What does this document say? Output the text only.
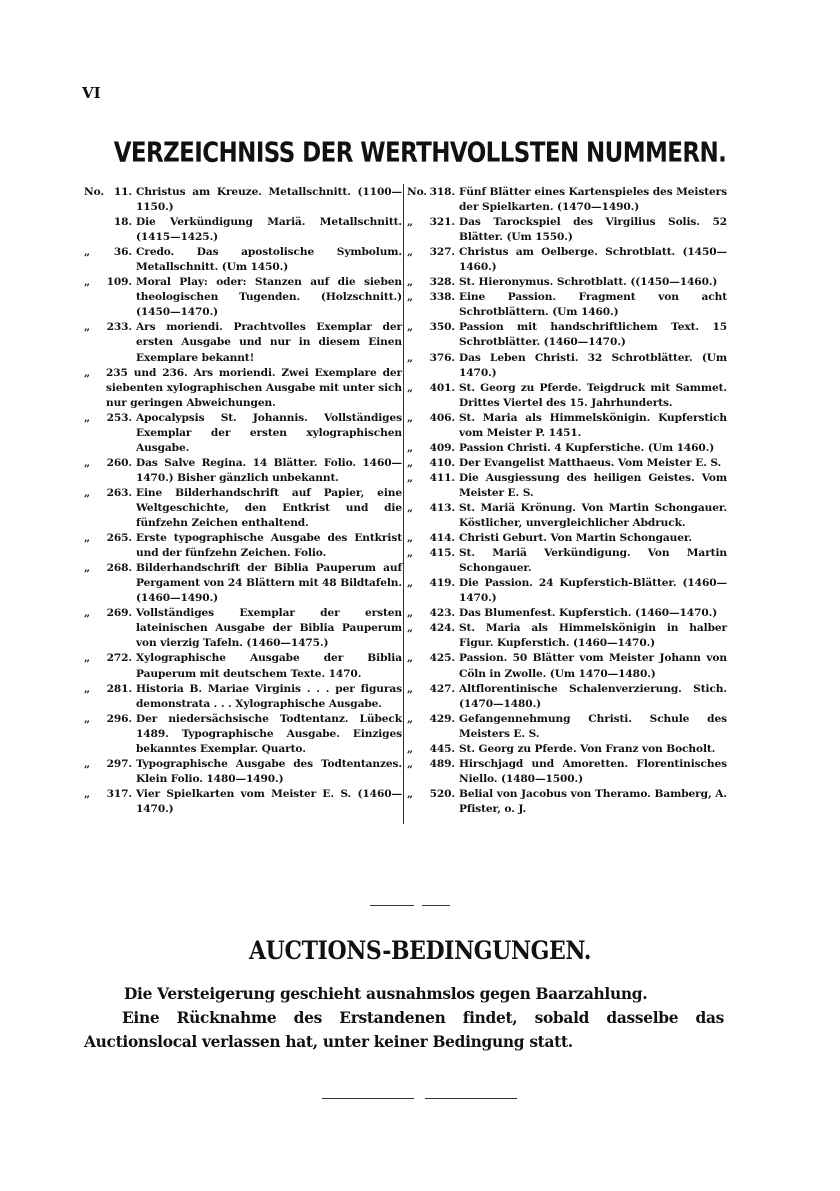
VI
VERZEICHNISS DER WERTHVOLLSTEN NUMMERN.
No. 11. Christus am Kreuze. Metallschnitt. (1100—1150.)
18. Die Verkündigung Mariä. Metallschnitt. (1415—1425.)
„	36. Credo. Das apostolische Symbolum. Metallschnitt. (Um 1450.)
„	109. Moral Play: oder: Stanzen auf die sieben theologischen Tugenden. (Holzschnitt.) (1450—1470.)
„	233. Ars moriendi. Prachtvolles Exemplar der ersten Ausgabe und nur in diesem Einen Exemplare bekannt!
„	235 und 236. Ars moriendi. Zwei Exemplare der siebenten xylographischen Ausgabe mit unter sich nur geringen Abweichungen.
„	253. Apocalypsis St. Johannis. Vollständiges Exemplar der ersten xylographischen Ausgabe.
„	260. Das Salve Regina. 14 Blätter. Folio. 1460—1470.) Bisher gänzlich unbekannt.
„	263. Eine Bilderhandschrift auf Papier, eine Weltgeschichte, den Entkrist und die fünfzehn Zeichen enthaltend.
„	265. Erste typographische Ausgabe des Entkrist und der fünfzehn Zeichen. Folio.
„	268. Bilderhandschrift der Biblia Pauperum auf Pergament von 24 Blättern mit 48 Bildtafeln. (1460—1490.)
„	269. Vollständiges Exemplar der ersten lateinischen Ausgabe der Biblia Pauperum von vierzig Tafeln. (1460—1475.)
„	272. Xylographische Ausgabe der Biblia Pauperum mit deutschem Texte. 1470.
„	281. Historia B. Mariae Virginis . . . per figuras demonstrata . . . Xylographische Ausgabe.
„	296. Der niedersächsische Todtentanz. Lübeck 1489. Typographische Ausgabe. Einziges bekanntes Exemplar. Quarto.
„	297. Typographische Ausgabe des Todtentanzes. Klein Folio. 1480—1490.)
„	317. Vier Spielkarten vom Meister E. S. (1460—1470.)
No. 318. Fünf Blätter eines Kartenspieles des Meisters der Spielkarten. (1470—1490.)
„	321. Das Tarockspiel des Virgilius Solis. 52 Blätter. (Um 1550.)
„	327. Christus am Oelberge. Schrotblatt. (1450—1460.)
„	328. St. Hieronymus. Schrotblatt. ((1450—1460.)
„	338. Eine Passion. Fragment von acht Schrotblättern. (Um 1460.)
„	350. Passion mit handschriftlichem Text. 15 Schrotblätter. (1460—1470.)
„	376. Das Leben Christi. 32 Schrotblätter. (Um 1470.)
„	401. St. Georg zu Pferde. Teigdruck mit Sammet. Drittes Viertel des 15. Jahrhunderts.
„	406. St. Maria als Himmelskönigin. Kupferstich vom Meister P. 1451.
„	409. Passion Christi. 4 Kupferstiche. (Um 1460.)
„	410. Der Evangelist Matthaeus. Vom Meister E. S.
„	411. Die Ausgiessung des heiligen Geistes. Vom Meister E. S.
„	413. St. Mariä Krönung. Von Martin Schongauer. Köstlicher, unvergleichlicher Abdruck.
„	414. Christi Geburt. Von Martin Schongauer.
„	415. St. Mariä Verkündigung. Von Martin Schongauer.
„	419. Die Passion. 24 Kupferstich-Blätter. (1460—1470.)
„	423. Das Blumenfest. Kupferstich. (1460—1470.)
„	424. St. Maria als Himmelskönigin in halber Figur. Kupferstich. (1460—1470.)
„	425. Passion. 50 Blätter vom Meister Johann von Cöln in Zwolle. (Um 1470—1480.)
„	427. Altflorentinische Schalenverzierung. Stich. (1470—1480.)
„	429. Gefangennehmung Christi. Schule des Meisters E. S.
„	445. St. Georg zu Pferde. Von Franz von Bocholt.
„	489. Hirschjagd und Amoretten. Florentinisches Niello. (1480—1500.)
„	520. Belial von Jacobus von Theramo. Bamberg, A. Pfister, o. J.
AUCTIONS-BEDINGUNGEN.
Die Versteigerung geschieht ausnahmslos gegen Baarzahlung.
Eine Rücknahme des Erstandenen findet, sobald dasselbe das Auctionslocal verlassen hat, unter keiner Bedingung statt.
